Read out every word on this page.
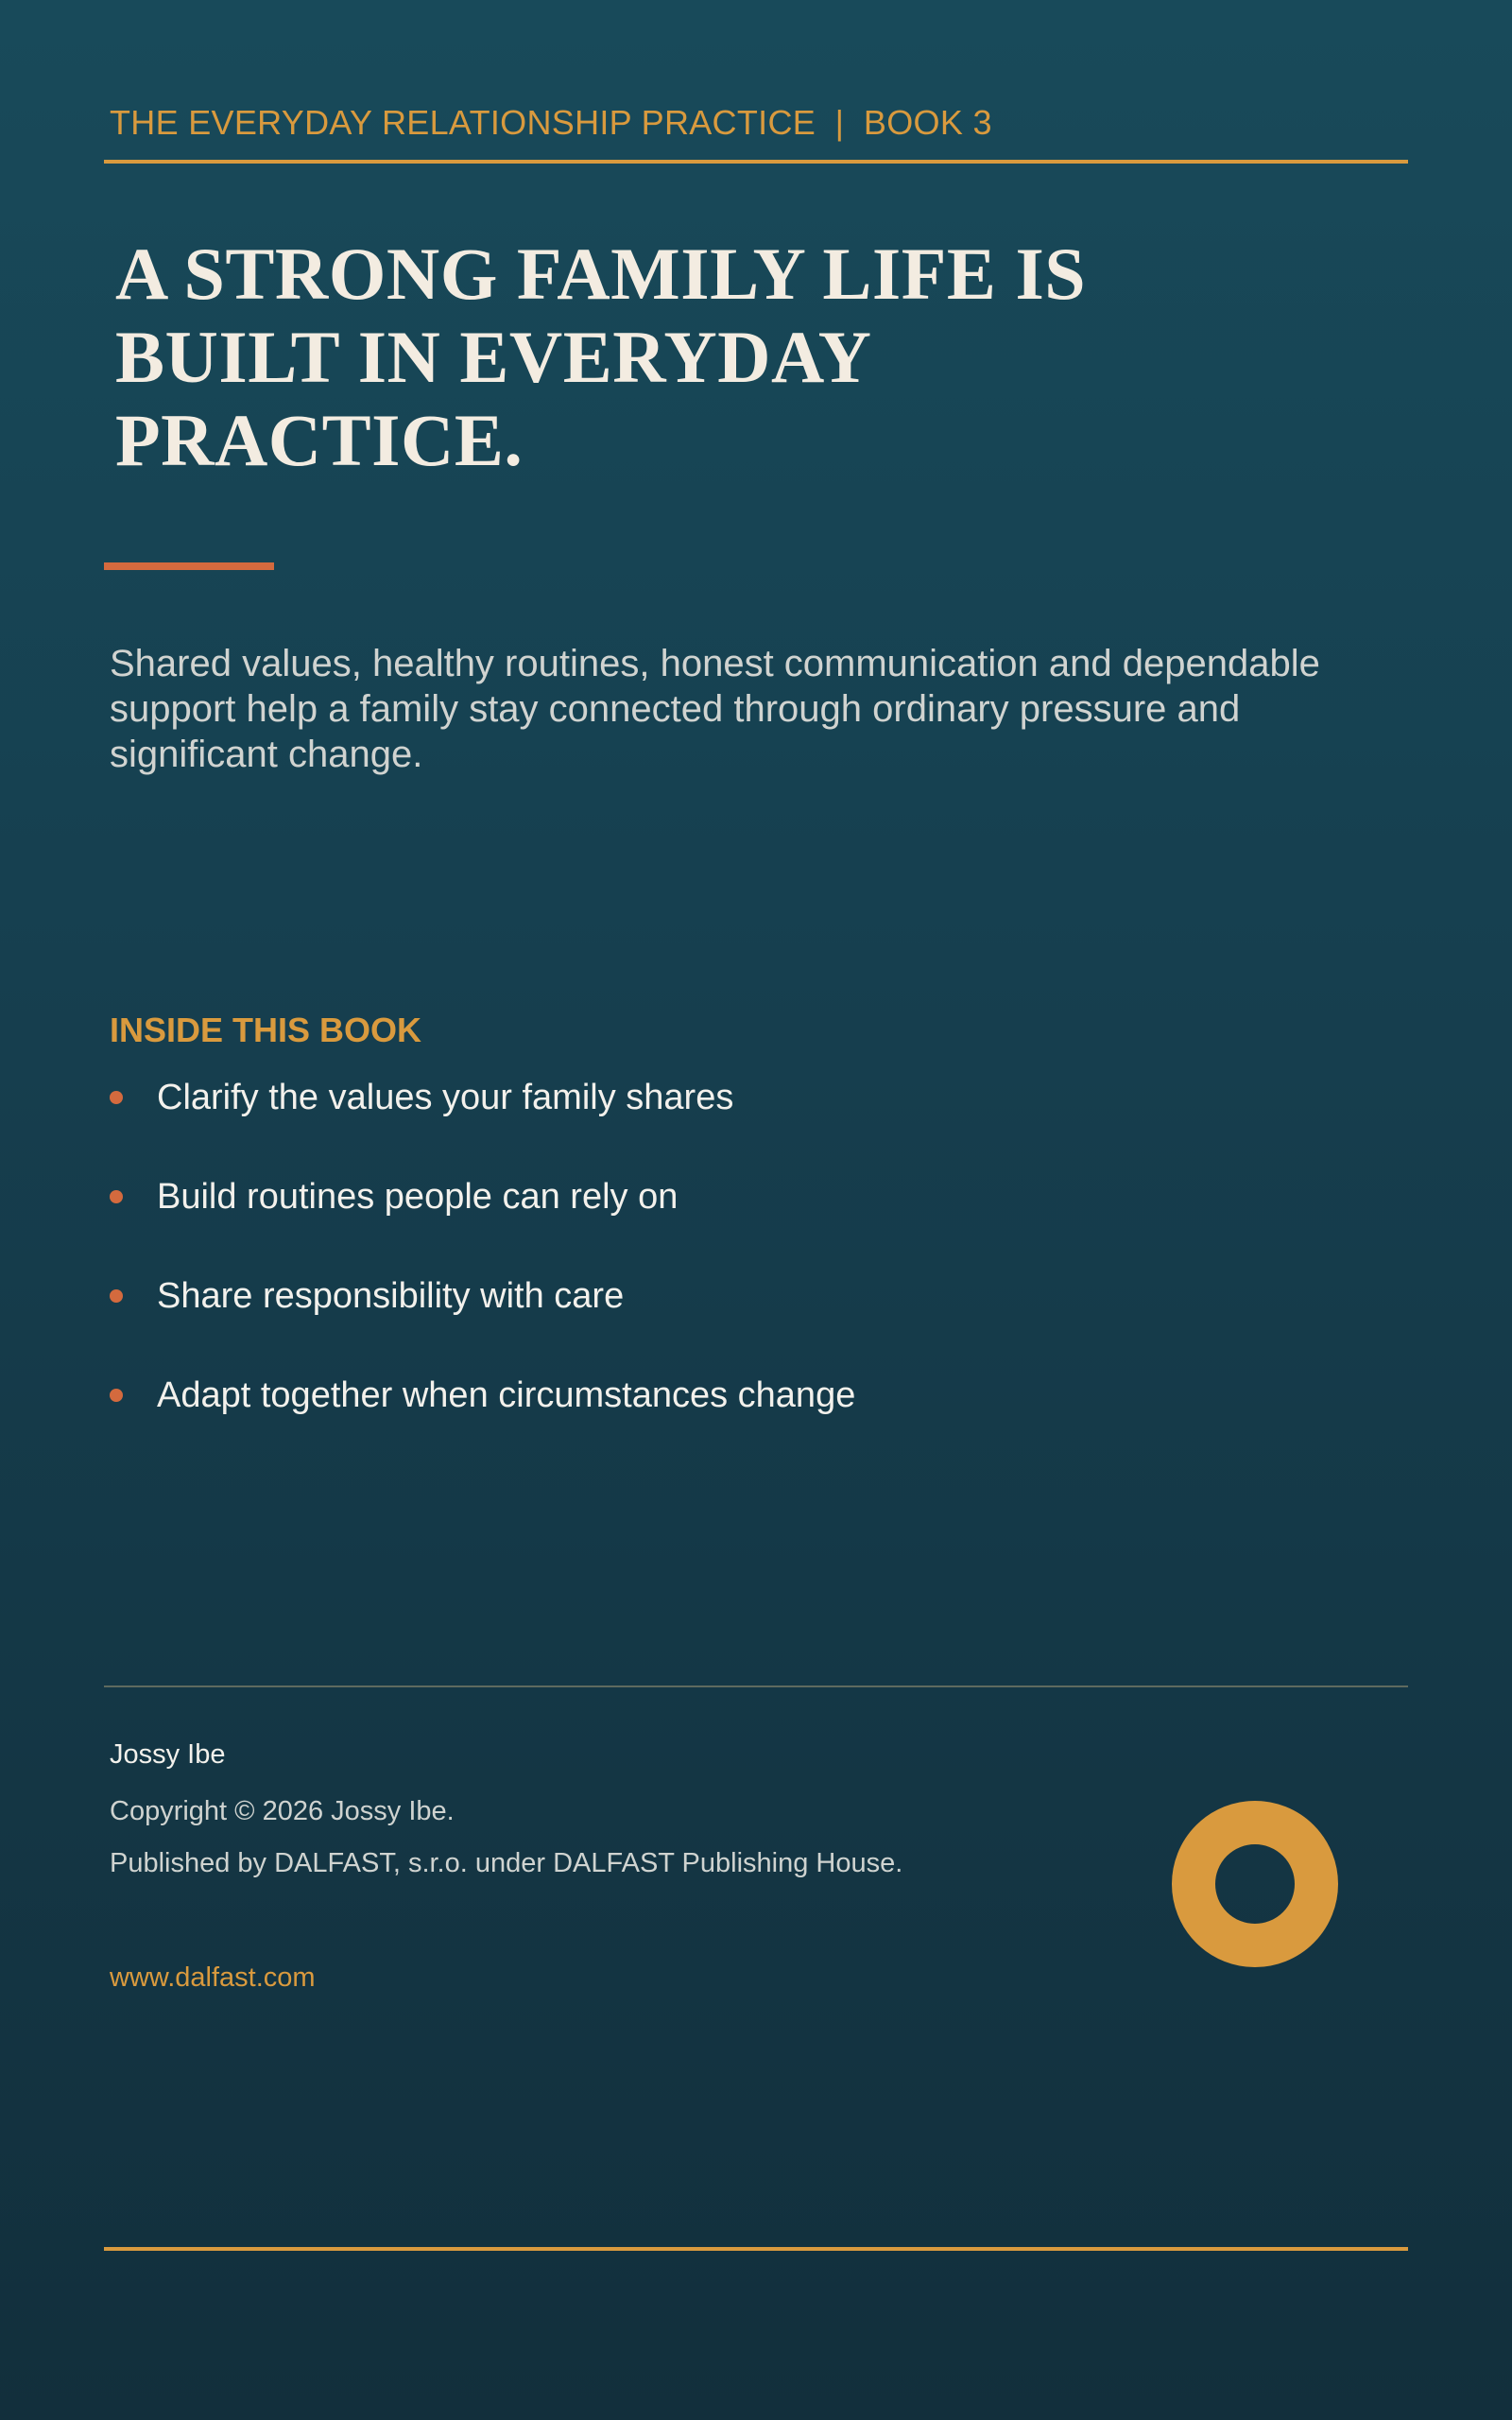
THE EVERYDAY RELATIONSHIP PRACTICE  |  BOOK 3
A STRONG FAMILY LIFE IS BUILT IN EVERYDAY PRACTICE.

Shared values, healthy routines, honest communication and dependable support help a family stay connected through ordinary pressure and significant change.

INSIDE THIS BOOK
Clarify the values your family shares
Build routines people can rely on
Share responsibility with care
Adapt together when circumstances change
Jossy Ibe
Copyright © 2026 Jossy Ibe.
Published by DALFAST, s.r.o. under DALFAST Publishing House.
www.dalfast.com
